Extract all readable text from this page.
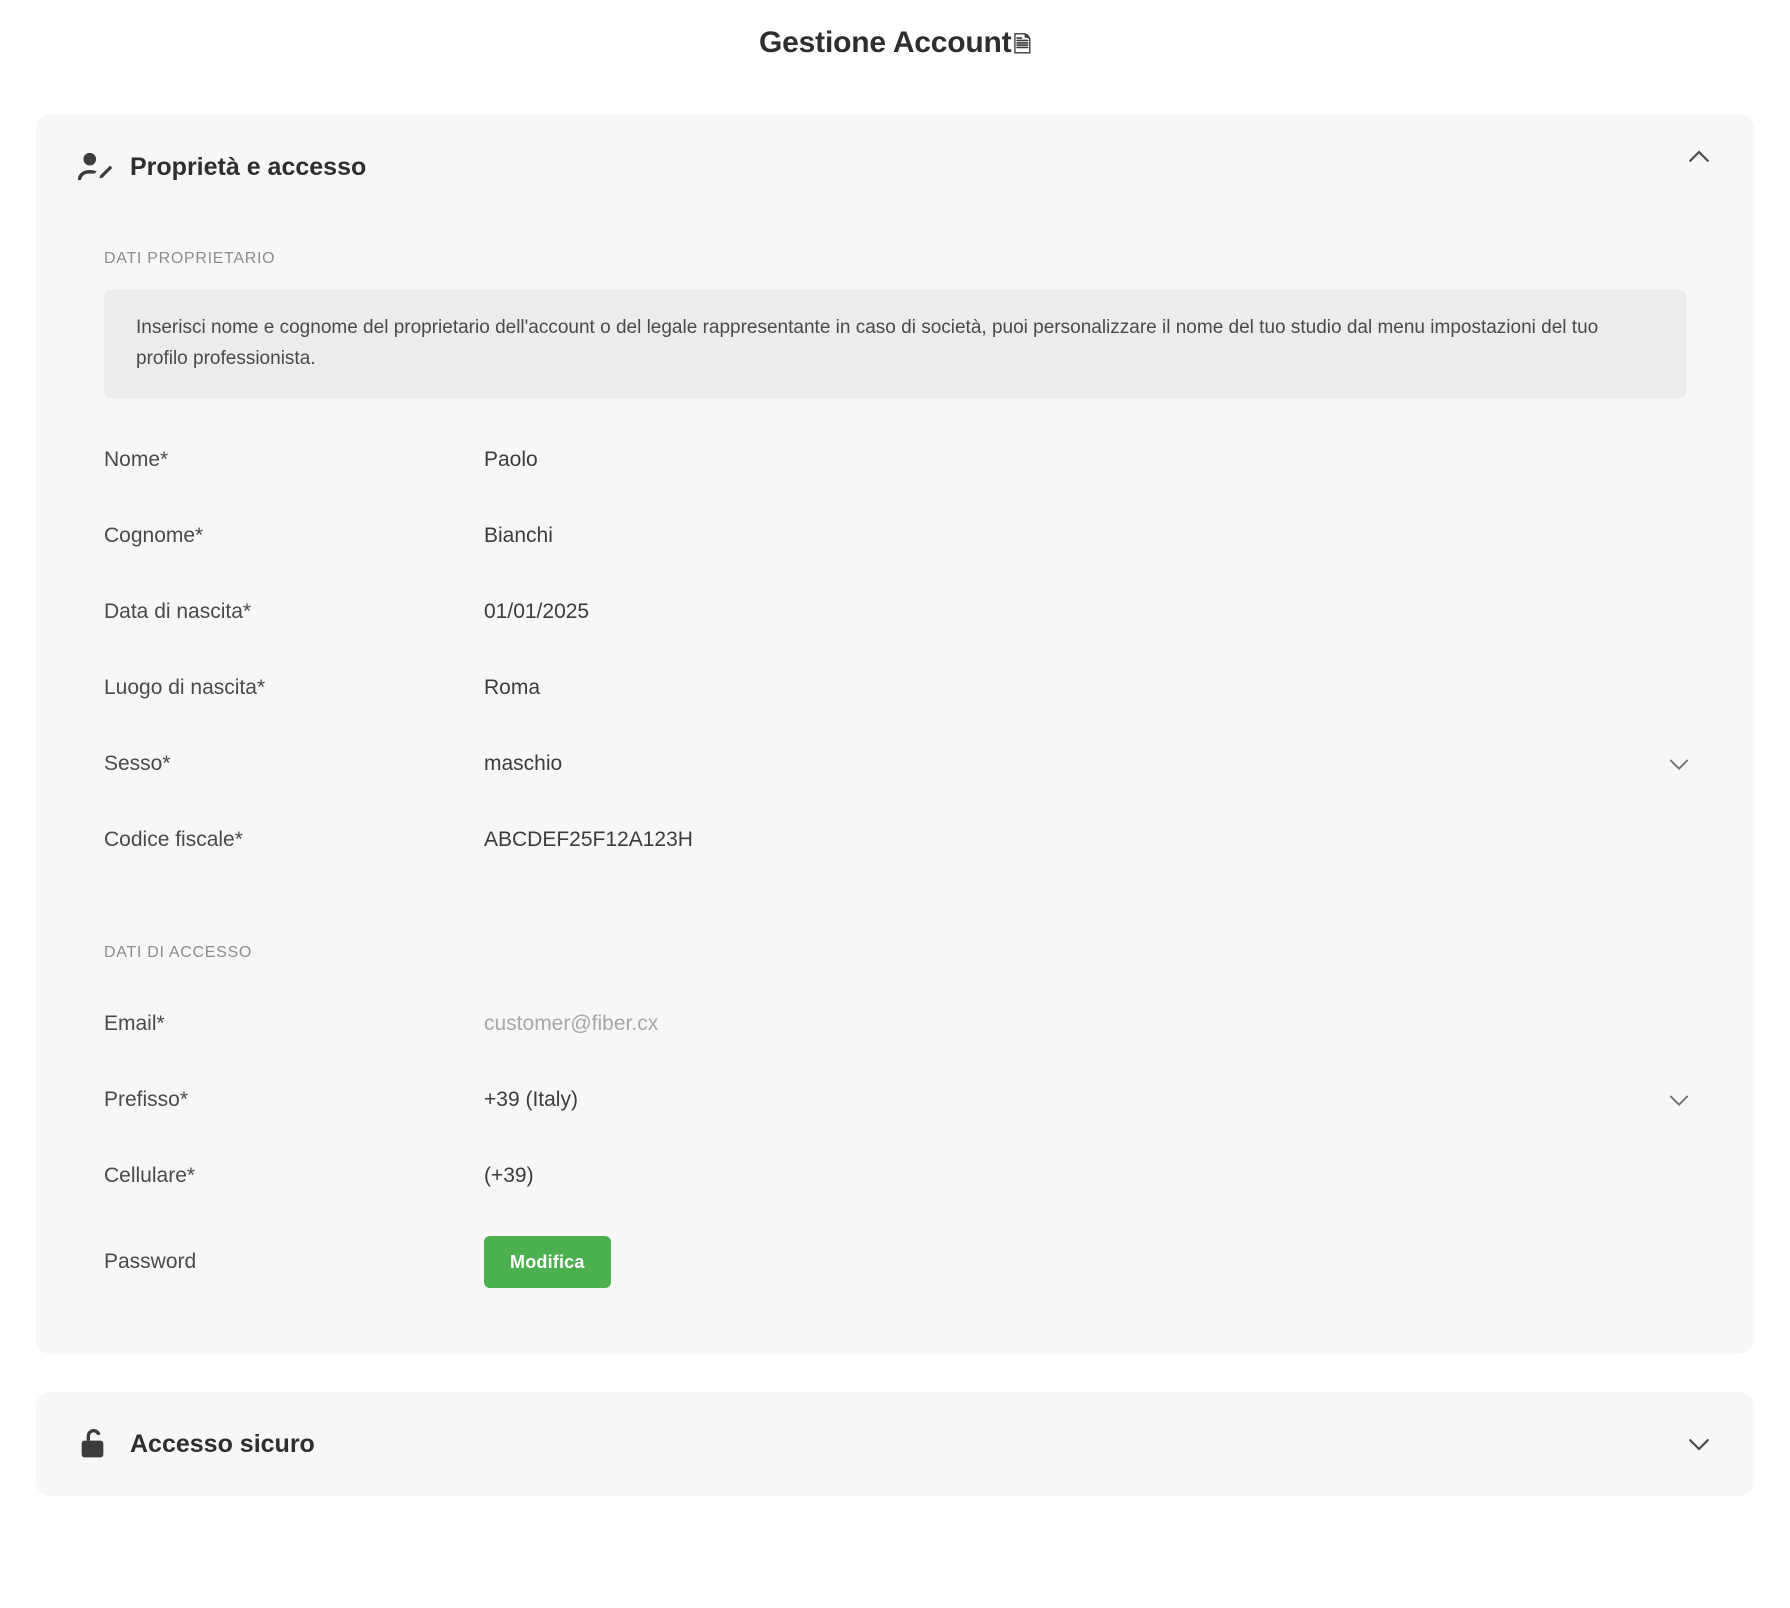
Gestione Account 🗎
Proprietà e accesso
DATI PROPRIETARIO
Inserisci nome e cognome del proprietario dell'account o del legale rappresentante in caso di società, puoi personalizzare il nome del tuo studio dal menu impostazioni del tuo profilo professionista.
Nome*	Paolo
Cognome*	Bianchi
Data di nascita*	01/01/2025
Luogo di nascita*	Roma
Sesso*	maschio
Codice fiscale*	ABCDEF25F12A123H
DATI DI ACCESSO
Email*	customer@fiber.cx
Prefisso*	+39 (Italy)
Cellulare*	(+39)
Password	Modifica
Accesso sicuro
